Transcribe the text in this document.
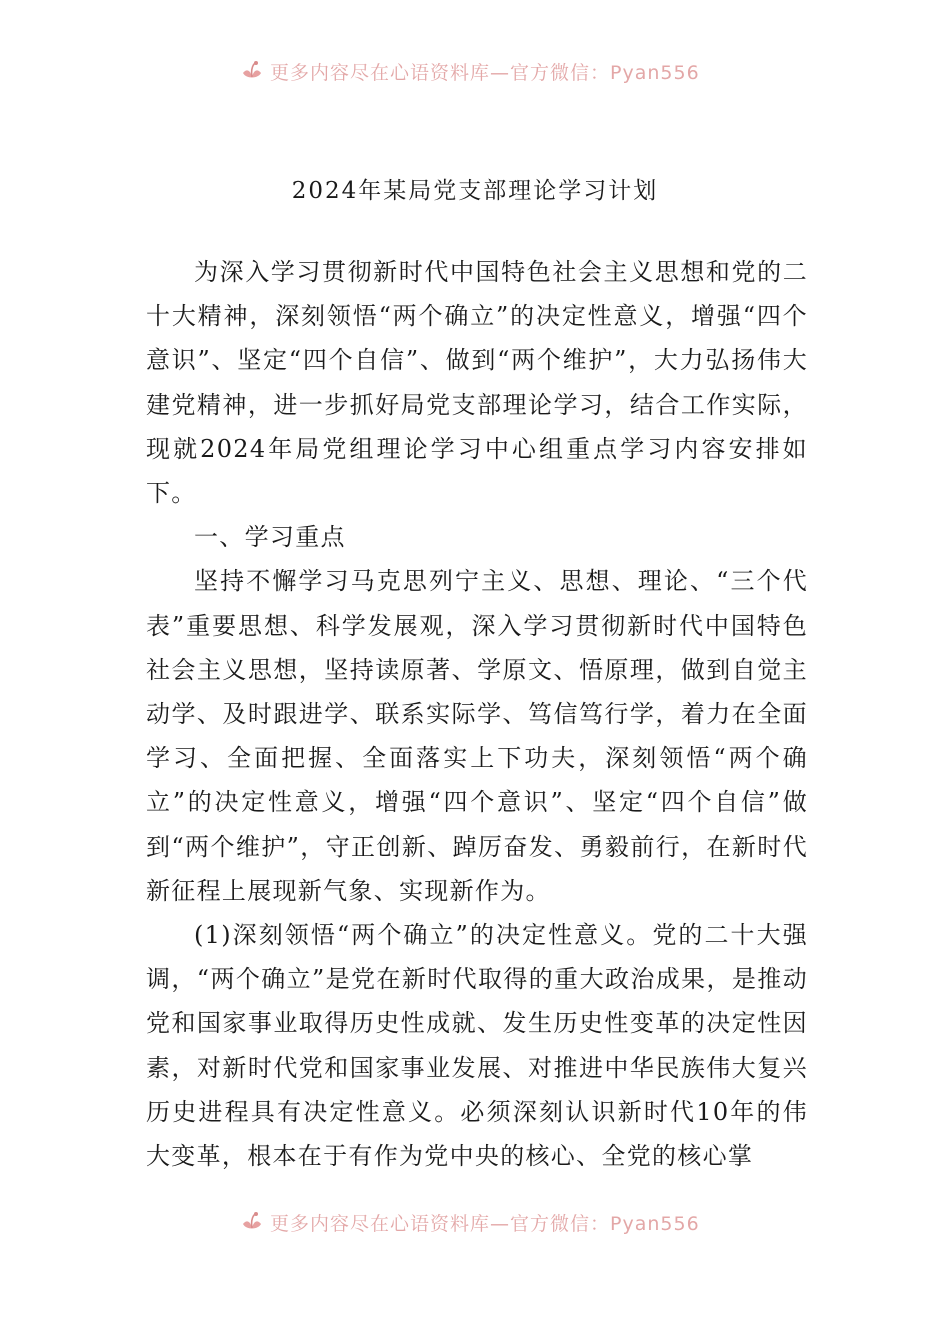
更多内容尽在心语资料库—官方微信：Pyan556
2024年某局党支部理论学习计划

为深入学习贯彻新时代中国特色社会主义思想和党的二十大精神，深刻领悟“两个确立”的决定性意义，增强“四个意识”、坚定“四个自信”、做到“两个维护”，大力弘扬伟大建党精神，进一步抓好局党支部理论学习，结合工作实际，现就2024年局党组理论学习中心组重点学习内容安排如下。

一、学习重点

坚持不懈学习马克思列宁主义、思想、理论、“三个代表”重要思想、科学发展观，深入学习贯彻新时代中国特色社会主义思想，坚持读原著、学原文、悟原理，做到自觉主动学、及时跟进学、联系实际学、笃信笃行学，着力在全面学习、全面把握、全面落实上下功夫，深刻领悟“两个确立”的决定性意义，增强“四个意识”、坚定“四个自信”做到“两个维护”，守正创新、踔厉奋发、勇毅前行，在新时代新征程上展现新气象、实现新作为。

(1)深刻领悟“两个确立”的决定性意义。党的二十大强调，“两个确立”是党在新时代取得的重大政治成果，是推动党和国家事业取得历史性成就、发生历史性变革的决定性因素，对新时代党和国家事业发展、对推进中华民族伟大复兴历史进程具有决定性意义。必须深刻认识新时代10年的伟大变革，根本在于有作为党中央的核心、全党的核心掌

更多内容尽在心语资料库—官方微信：Pyan556
